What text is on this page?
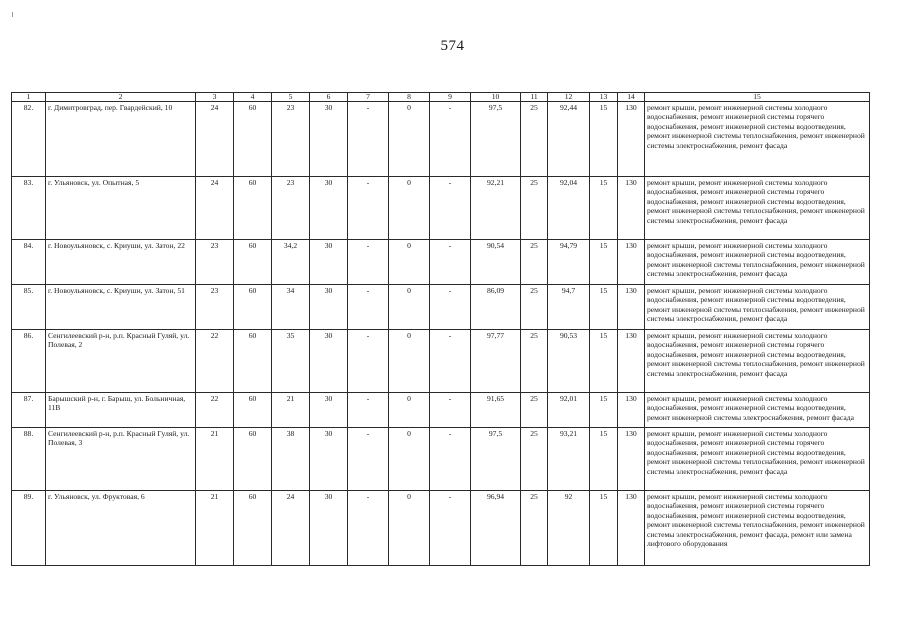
574
1	2	3	4	5	6	7	8	9	10	11	12	13	14	15
82.	г. Димитровград, пер. Гвардейский, 10	24	60	23	30	-	0	-	97,5	25	92,44	15	130	ремонт крыши, ремонт инженерной системы холодного водоснабжения, ремонт инженерной системы горячего водоснабжения, ремонт инженерной системы водоотведения, ремонт инженерной системы теплоснабжения, ремонт инженерной системы электроснабжения, ремонт фасада
83.	г. Ульяновск, ул. Опытная, 5	24	60	23	30	-	0	-	92,21	25	92,04	15	130	ремонт крыши, ремонт инженерной системы холодного водоснабжения, ремонт инженерной системы горячего водоснабжения, ремонт инженерной системы водоотведения, ремонт инженерной системы теплоснабжения, ремонт инженерной системы электроснабжения, ремонт фасада
84.	г. Новоульяновск, с. Криуши, ул. Затон, 22	23	60	34,2	30	-	0	-	90,54	25	94,79	15	130	ремонт крыши, ремонт инженерной системы холодного водоснабжения, ремонт инженерной системы водоотведения, ремонт инженерной системы теплоснабжения, ремонт инженерной системы электроснабжения, ремонт фасада
85.	г. Новоульяновск, с. Криуши, ул. Затон, 51	23	60	34	30	-	0	-	86,09	25	94,7	15	130	ремонт крыши, ремонт инженерной системы холодного водоснабжения, ремонт инженерной системы водоотведения, ремонт инженерной системы теплоснабжения, ремонт инженерной системы электроснабжения, ремонт фасада
86.	Сенгилеевский р-н, р.п. Красный Гуляй, ул. Полевая, 2	22	60	35	30	-	0	-	97,77	25	90,53	15	130	ремонт крыши, ремонт инженерной системы холодного водоснабжения, ремонт инженерной системы горячего водоснабжения, ремонт инженерной системы водоотведения, ремонт инженерной системы теплоснабжения, ремонт инженерной системы электроснабжения, ремонт фасада
87.	Барышский р-н, г. Барыш, ул. Больничная, 11В	22	60	21	30	-	0	-	91,65	25	92,01	15	130	ремонт крыши, ремонт инженерной системы холодного водоснабжения, ремонт инженерной системы водоотведения, ремонт инженерной системы электроснабжения, ремонт фасада
88.	Сенгилеевский р-н, р.п. Красный Гуляй, ул. Полевая, 3	21	60	38	30	-	0	-	97,5	25	93,21	15	130	ремонт крыши, ремонт инженерной системы холодного водоснабжения, ремонт инженерной системы горячего водоснабжения, ремонт инженерной системы водоотведения, ремонт инженерной системы теплоснабжения, ремонт инженерной системы электроснабжения, ремонт фасада
89.	г. Ульяновск, ул. Фруктовая, 6	21	60	24	30	-	0	-	96,94	25	92	15	130	ремонт крыши, ремонт инженерной системы холодного водоснабжения, ремонт инженерной системы горячего водоснабжения, ремонт инженерной системы водоотведения, ремонт инженерной системы теплоснабжения, ремонт инженерной системы электроснабжения, ремонт фасада, ремонт или замена лифтового оборудования
